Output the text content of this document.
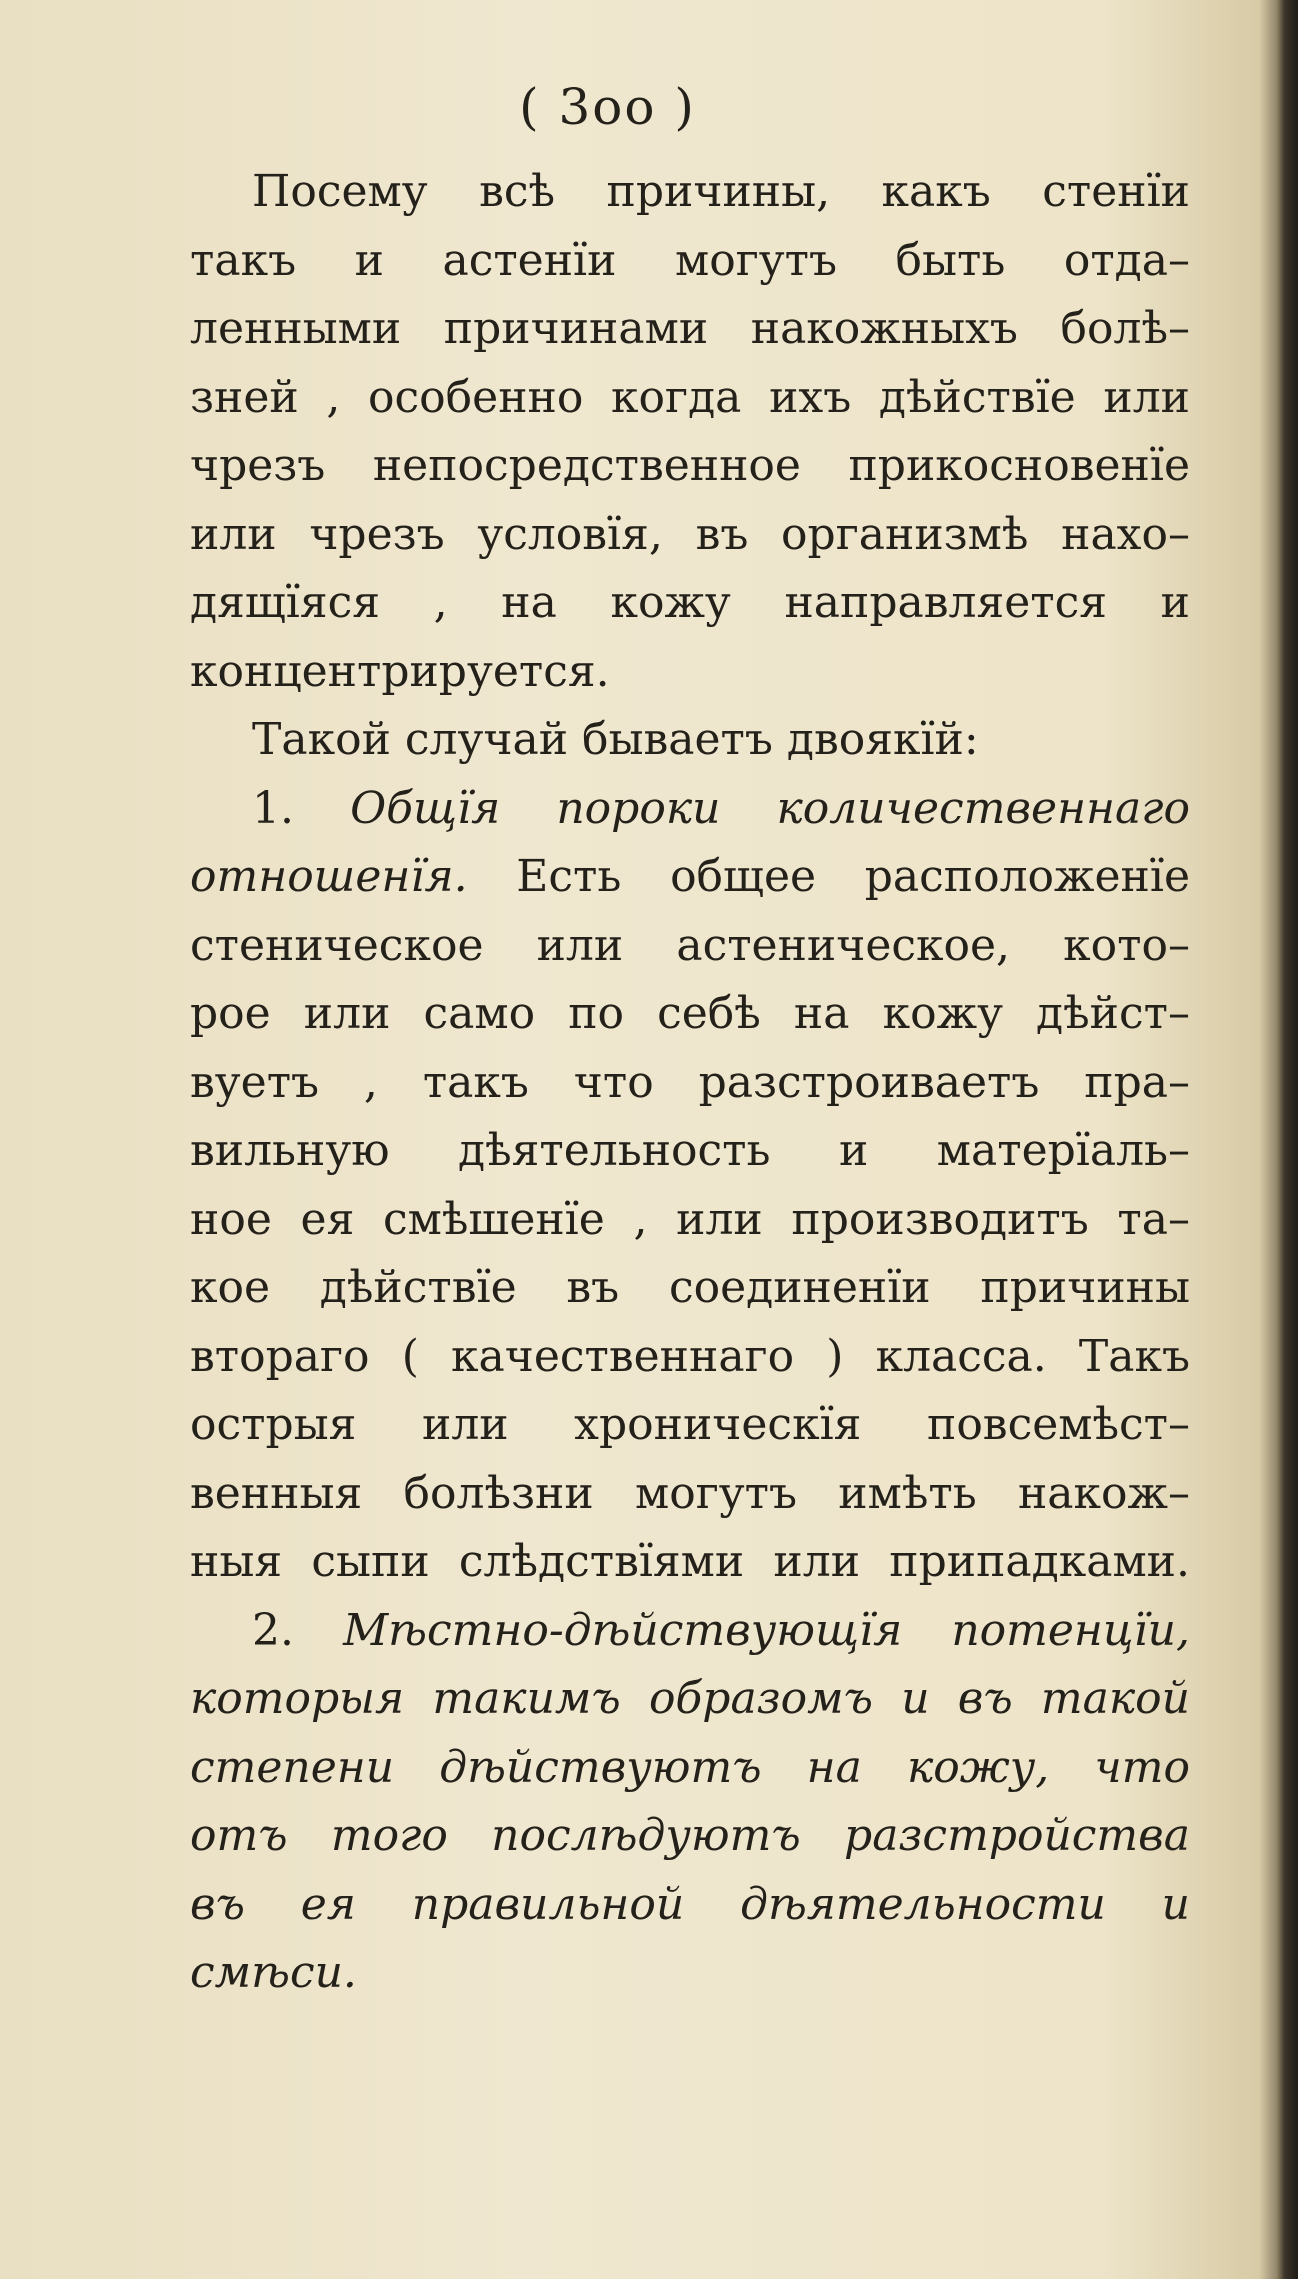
( 3oo )
Посему всѣ причины, какъ стенїи
такъ и астенїи могутъ быть отда–
ленными причинами накожныхъ болѣ–
зней , особенно когда ихъ дѣйствїе или
чрезъ непосредственное прикосновенїе
или чрезъ условїя, въ организмѣ нахо–
дящїяся , на кожу направляется и
концентрируется.
Такой случай бываетъ двоякїй:
1. Общїя пороки количественнаго
отношенїя. Есть общее расположенїе
стеническое или астеническое, кото–
рое или само по себѣ на кожу дѣйст–
вуетъ , такъ что разстроиваетъ пра–
вильную дѣятельность и матерїаль–
ное ея смѣшенїе , или производитъ та–
кое дѣйствїе въ соединенїи причины
втораго ( качественнаго ) класса. Такъ
острыя или хроническїя повсемѣст–
венныя болѣзни могутъ имѣть накож–
ныя сыпи слѣдствїями или припадками.
2. Мѣстно-дѣйствующїя потенцїи,
которыя такимъ образомъ и въ такой
степени дѣйствуютъ на кожу, что
отъ того послѣдуютъ разстройства
въ ея правильной дѣятельности и
смѣси.
